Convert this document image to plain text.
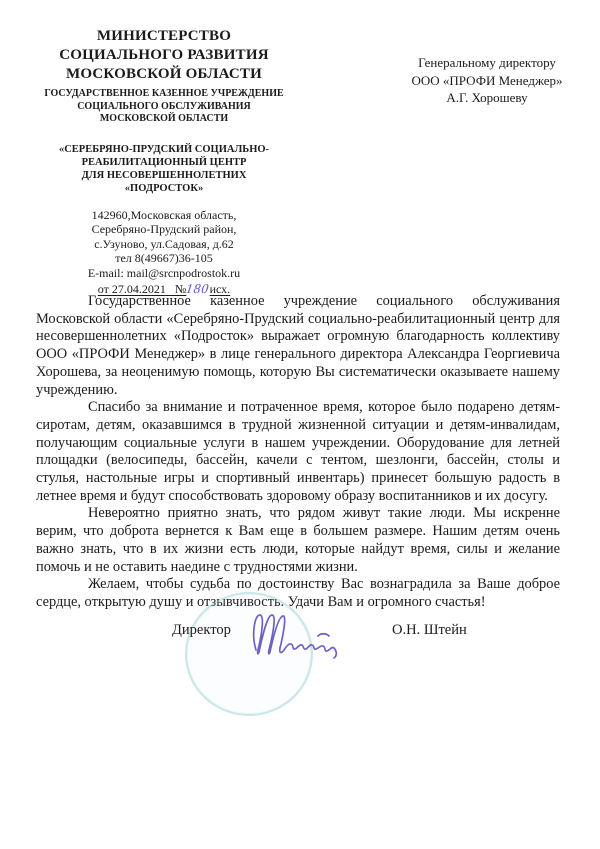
МИНИСТЕРСТВО
СОЦИАЛЬНОГО РАЗВИТИЯ
МОСКОВСКОЙ ОБЛАСТИ
ГОСУДАРСТВЕННОЕ КАЗЕННОЕ УЧРЕЖДЕНИЕ
СОЦИАЛЬНОГО ОБСЛУЖИВАНИЯ
МОСКОВСКОЙ ОБЛАСТИ
«СЕРЕБРЯНО-ПРУДСКИЙ СОЦИАЛЬНО-
РЕАБИЛИТАЦИОННЫЙ ЦЕНТР
ДЛЯ НЕСОВЕРШЕННОЛЕТНИХ
«ПОДРОСТОК»
142960,Московская область,
Серебряно-Прудский район,
с.Узуново, ул.Садовая, д.62
тел 8(49667)36-105
E-mail: mail@srcnpodrostok.ru
от 27.04.2021 №180исх.
Генеральному директору
ООО «ПРОФИ Менеджер»
А.Г. Хорошеву

Государственное казенное учреждение социального обслуживания Московской области «Серебряно-Прудский социально-реабилитационный центр для несовершеннолетних «Подросток» выражает огромную благодарность коллективу ООО «ПРОФИ Менеджер» в лице генерального директора Александра Георгиевича Хорошева, за неоценимую помощь, которую Вы систематически оказываете нашему учреждению.

Спасибо за внимание и потраченное время, которое было подарено детям-сиротам, детям, оказавшимся в трудной жизненной ситуации и детям-инвалидам, получающим социальные услуги в нашем учреждении. Оборудование для летней площадки (велосипеды, бассейн, качели с тентом, шезлонги, бассейн, столы и стулья, настольные игры и спортивный инвентарь) принесет большую радость в летнее время и будут способствовать здоровому образу воспитанников и их досугу.

Невероятно приятно знать, что рядом живут такие люди. Мы искренне верим, что доброта вернется к Вам еще в большем размере. Нашим детям очень важно знать, что в их жизни есть люди, которые найдут время, силы и желание помочь и не оставить наедине с трудностями жизни.

Желаем, чтобы судьба по достоинству Вас вознаградила за Ваше доброе сердце, открытую душу и отзывчивость. Удачи Вам и огромного счастья!

Директор	О.Н. Штейн
